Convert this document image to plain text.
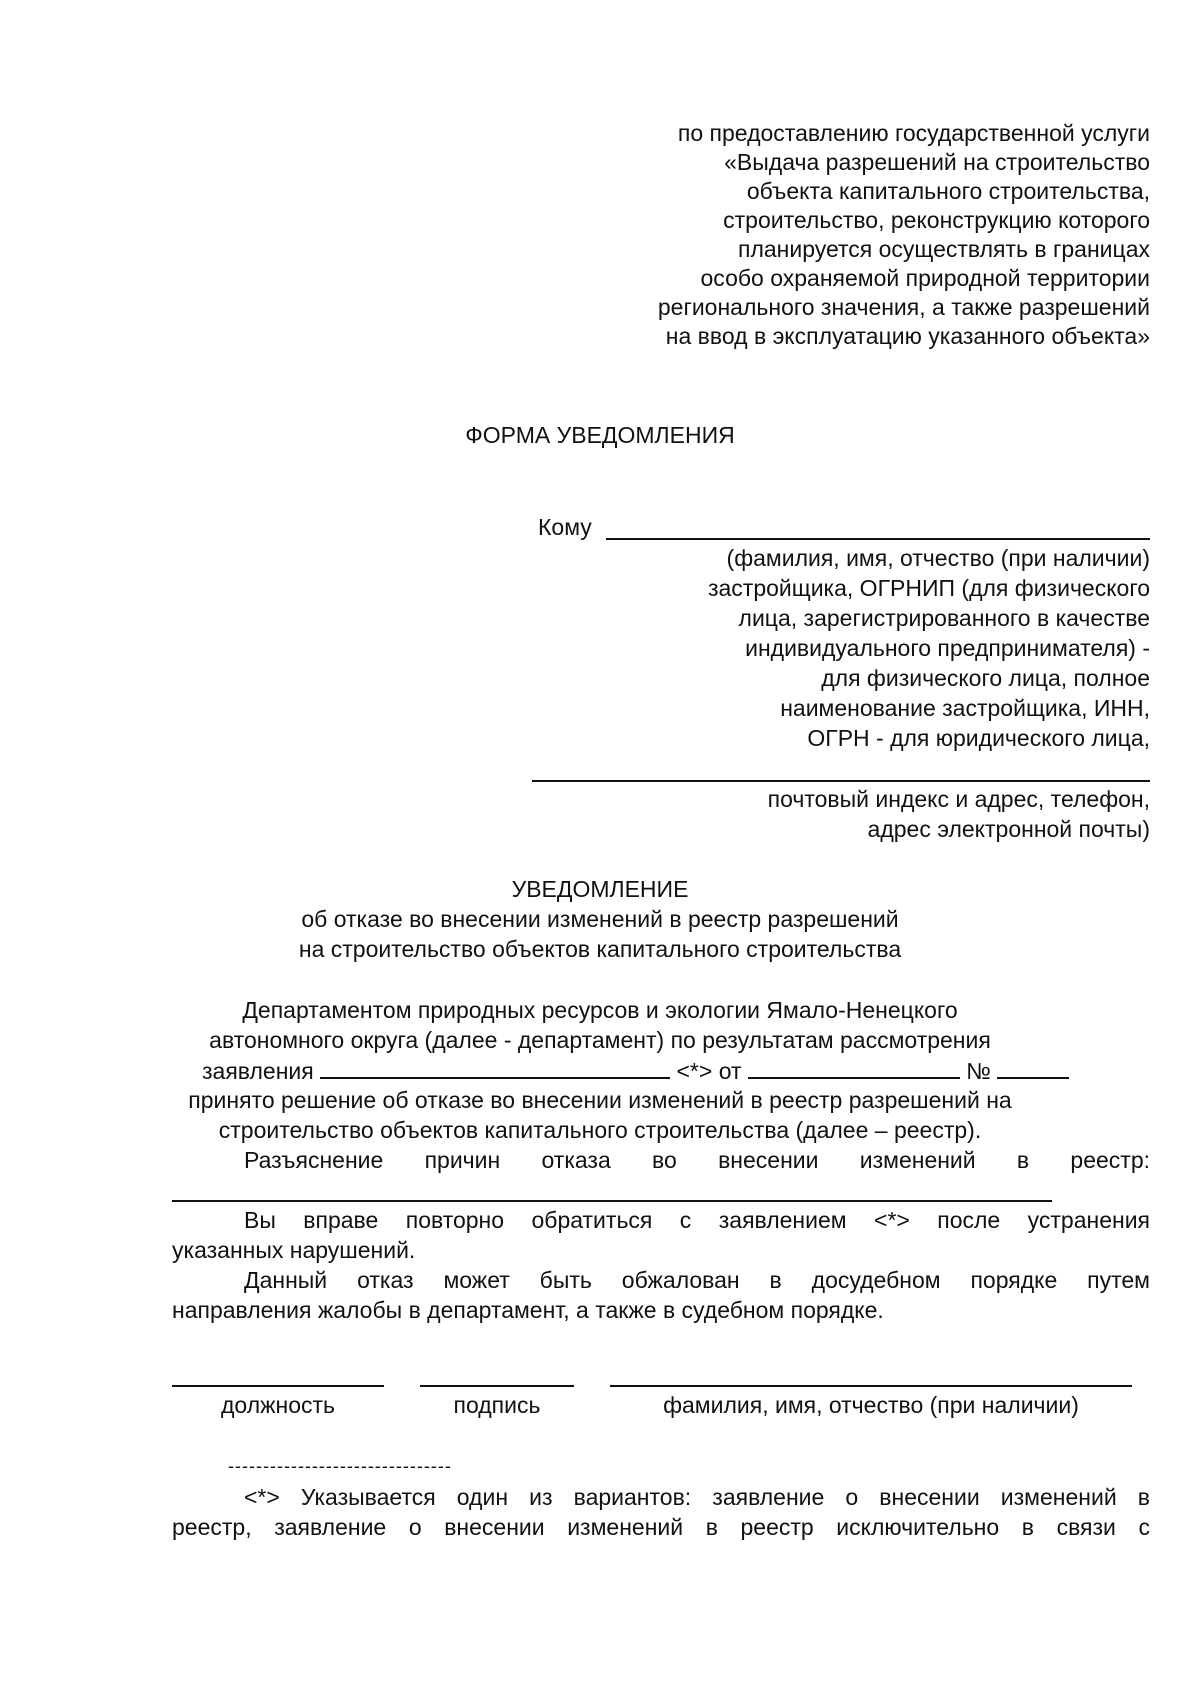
по предоставлению государственной услуги
«Выдача разрешений на строительство
объекта капитального строительства,
строительство, реконструкцию которого
планируется осуществлять в границах
особо охраняемой природной территории
регионального значения, а также разрешений
на ввод в эксплуатацию указанного объекта»
ФОРМА УВЕДОМЛЕНИЯ
Кому
(фамилия, имя, отчество (при наличии)
застройщика, ОГРНИП (для физического
лица, зарегистрированного в качестве
индивидуального предпринимателя) -
для физического лица, полное
наименование застройщика, ИНН,
ОГРН - для юридического лица,
почтовый индекс и адрес, телефон,
адрес электронной почты)
УВЕДОМЛЕНИЕ
об отказе во внесении изменений в реестр разрешений
на строительство объектов капитального строительства
Департаментом природных ресурсов и экологии Ямало-Ненецкого
автономного округа (далее - департамент) по результатам рассмотрения
заявления	<*> от	№
принято решение об отказе во внесении изменений в реестр разрешений на
строительство объектов капитального строительства (далее – реестр).
Разъяснение причин отказа во внесении изменений в реестр:
Вы вправе повторно обратиться с заявлением <*> после устранения
указанных нарушений.
Данный отказ может быть обжалован в досудебном порядке путем
направления жалобы в департамент, а также в судебном порядке.
должность	подпись	фамилия, имя, отчество (при наличии)
--------------------------------
<*> Указывается один из вариантов: заявление о внесении изменений в
реестр, заявление о внесении изменений в реестр исключительно в связи с
